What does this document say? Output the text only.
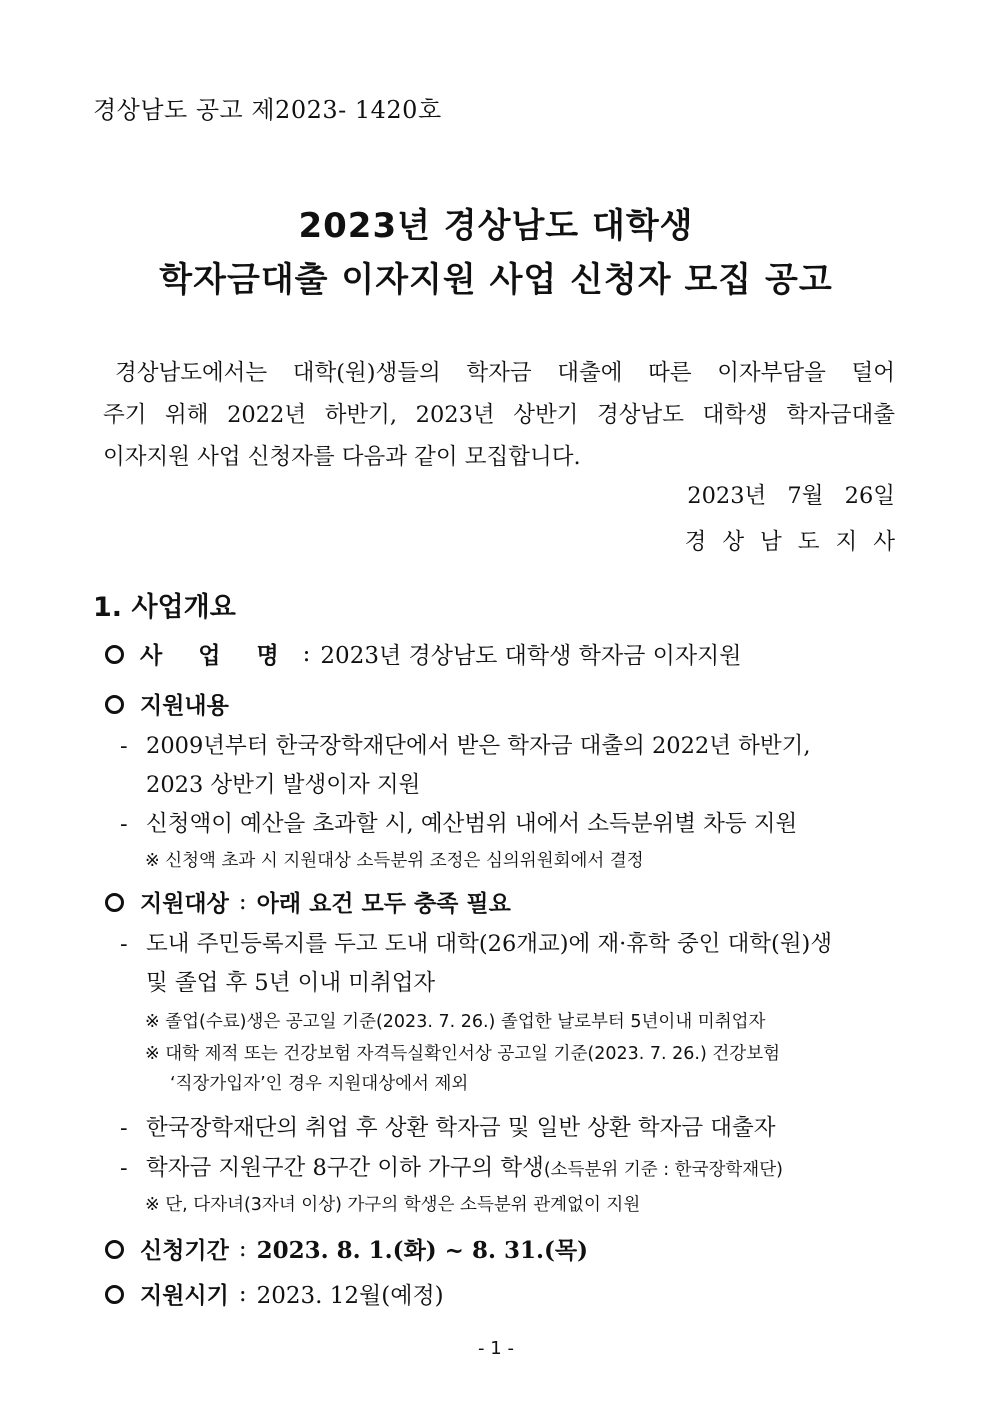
경상남도 공고 제2023- 1420호
2023년 경상남도 대학생
학자금대출 이자지원 사업 신청자 모집 공고
경상남도에서는 대학(원)생들의 학자금 대출에 따른 이자부담을 덜어
주기 위해 2022년 하반기, 2023년 상반기 경상남도 대학생 학자금대출
이자지원 사업 신청자를 다음과 같이 모집합니다.
2023년 7월 26일
경상남도지사
1. 사업개요
사 업 명 : 2023년 경상남도 대학생 학자금 이자지원
지원내용
- 2009년부터 한국장학재단에서 받은 학자금 대출의 2022년 하반기,
2023 상반기 발생이자 지원
- 신청액이 예산을 초과할 시, 예산범위 내에서 소득분위별 차등 지원
※ 신청액 초과 시 지원대상 소득분위 조정은 심의위원회에서 결정
지원대상 : 아래 요건 모두 충족 필요
- 도내 주민등록지를 두고 도내 대학(26개교)에 재·휴학 중인 대학(원)생
및 졸업 후 5년 이내 미취업자
※ 졸업(수료)생은 공고일 기준(2023. 7. 26.) 졸업한 날로부터 5년이내 미취업자
※ 대학 제적 또는 건강보험 자격득실확인서상 공고일 기준(2023. 7. 26.) 건강보험
‘직장가입자’인 경우 지원대상에서 제외
- 한국장학재단의 취업 후 상환 학자금 및 일반 상환 학자금 대출자
- 학자금 지원구간 8구간 이하 가구의 학생(소득분위 기준 : 한국장학재단)
※ 단, 다자녀(3자녀 이상) 가구의 학생은 소득분위 관계없이 지원
신청기간 : 2023. 8. 1.(화) ~ 8. 31.(목)
지원시기 : 2023. 12월(예정)
- 1 -
